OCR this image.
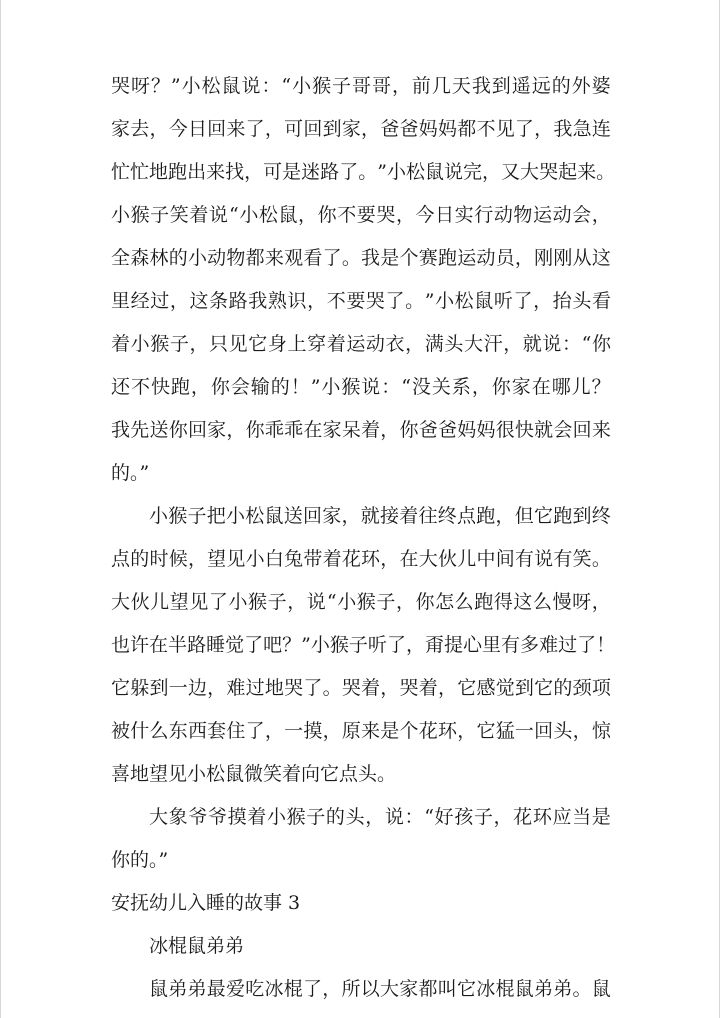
哭 呀 ？ ” 小 松 鼠 说 ： “ 小 猴 子 哥 哥 ， 前 几 天 我 到 遥 远 的 外 婆
家 去 ， 今 日 回 来 了 ， 可 回 到 家 ， 爸 爸 妈 妈 都 不 见 了 ， 我 急 连
忙 忙 地 跑 出 来 找 ， 可 是 迷 路 了 。 ” 小 松 鼠 说 完 ， 又 大 哭 起 来 。
小 猴 子 笑 着 说 “ 小 松 鼠 ， 你 不 要 哭 ， 今 日 实 行 动 物 运 动 会 ，
全 森 林 的 小 动 物 都 来 观 看 了 。 我 是 个 赛 跑 运 动 员 ， 刚 刚 从 这
里 经 过 ， 这 条 路 我 熟 识 ， 不 要 哭 了 。 ” 小 松 鼠 听 了 ， 抬 头 看
着 小 猴 子 ， 只 见 它 身 上 穿 着 运 动 衣 ， 满 头 大 汗 ， 就 说 ： “ 你
还 不 快 跑 ， 你 会 输 的 ！ ” 小 猴 说 ： “ 没 关 系 ， 你 家 在 哪 儿 ？
我 先 送 你 回 家 ， 你 乖 乖 在 家 呆 着 ， 你 爸 爸 妈 妈 很 快 就 会 回 来
的。”
小 猴 子 把 小 松 鼠 送 回 家 ， 就 接 着 往 终 点 跑 ， 但 它 跑 到 终
点 的 时 候 ， 望 见 小 白 兔 带 着 花 环 ， 在 大 伙 儿 中 间 有 说 有 笑 。
大 伙 儿 望 见 了 小 猴 子 ， 说 “ 小 猴 子 ， 你 怎 么 跑 得 这 么 慢 呀 ，
也 许 在 半 路 睡 觉 了 吧 ？ ” 小 猴 子 听 了 ， 甭 提 心 里 有 多 难 过 了 ！
它 躲 到 一 边 ， 难 过 地 哭 了 。 哭 着 ， 哭 着 ， 它 感 觉 到 它 的 颈 项
被 什 么 东 西 套 住 了 ， 一 摸 ， 原 来 是 个 花 环 ， 它 猛 一 回 头 ， 惊
喜地望见小松鼠微笑着向它点头。
大 象 爷 爷 摸 着 小 猴 子 的 头 ， 说 ： “ 好 孩 子 ， 花 环 应 当 是
你的。”
安抚幼儿入睡的故事 3
冰棍鼠弟弟
鼠 弟 弟 最 爱 吃 冰 棍 了 ， 所 以 大 家 都 叫 它 冰 棍 鼠 弟 弟 。 鼠
